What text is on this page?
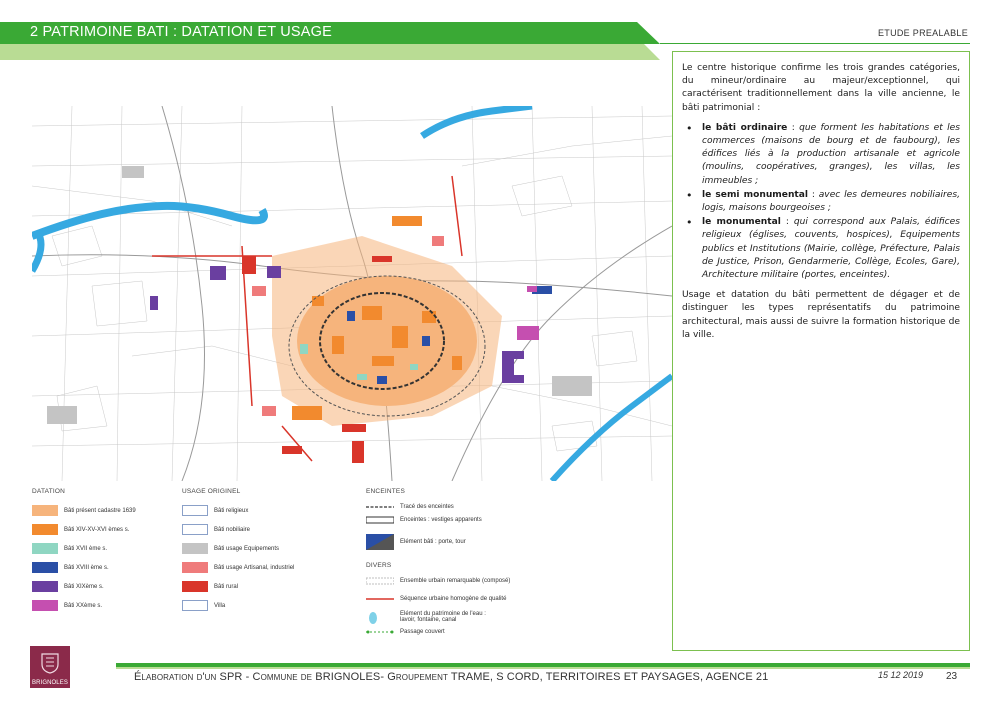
2 PATRIMOINE BATI : DATATION ET USAGE	ETUDE PREALABLE
DATATION
Bâti présent cadastre 1639
Bâti XIV-XV-XVI èmes s.
Bâti XVII ème s.
Bâti XVIII ème s.
Bâti XIXème s.
Bâti XXème s.
USAGE ORIGINEL
Bâti religieux
Bâti nobiliaire
Bâti usage Equipements
Bâti usage Artisanal, industriel
Bâti rural
Villa
ENCEINTES
Tracé des enceintes
Enceintes : vestiges apparents
Elément bâti : porte, tour
DIVERS
Ensemble urbain remarquable (composé)
Séquence urbaine homogène de qualité
Elément du patrimoine de l'eau :
lavoir, fontaine, canal
Passage couvert

Le centre historique confirme les trois grandes catégories, du mineur/ordinaire au majeur/exceptionnel, qui caractérisent traditionnellement dans la ville ancienne, le bâti patrimonial :

• le bâti ordinaire : que forment les habitations et les commerces (maisons de bourg et de faubourg), les édifices liés à la production artisanale et agricole (moulins, coopératives, granges), les villas, les immeubles ;
• le semi monumental : avec les demeures nobiliaires, logis, maisons bourgeoises ;
• le monumental : qui correspond aux Palais, édifices religieux (églises, couvents, hospices), Equipements publics et Institutions (Mairie, collège, Préfecture, Palais de Justice, Prison, Gendarmerie, Collège, Ecoles, Gare), Architecture militaire (portes, enceintes).

Usage et datation du bâti permettent de dégager et de distinguer les types représentatifs du patrimoine architectural, mais aussi de suivre la formation historique de la ville.

BRIGNOLES	Élaboration d'un SPR - Commune de BRIGNOLES- Groupement TRAME, S CORD, TERRITOIRES ET PAYSAGES, AGENCE 21	15 12 2019 23
